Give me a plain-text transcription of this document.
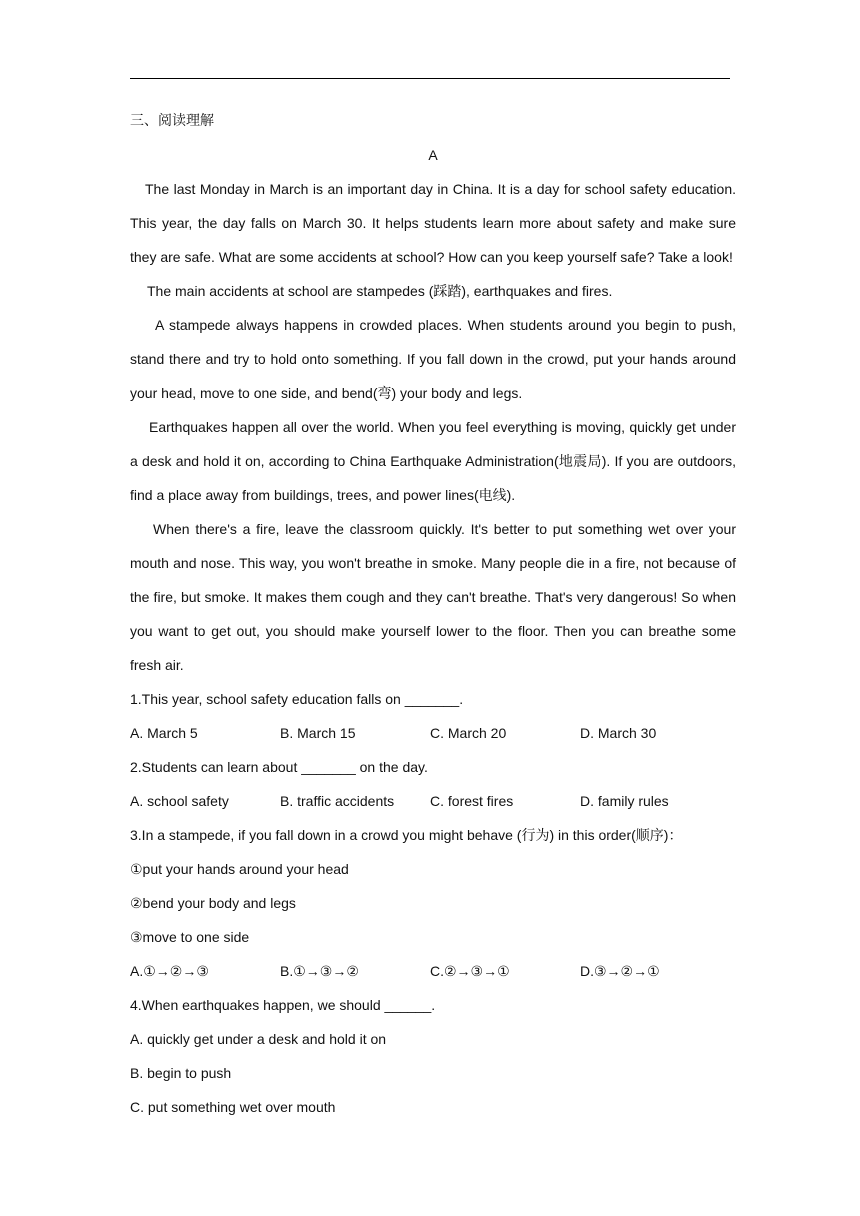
三、阅读理解
A
The last Monday in March is an important day in China. It is a day for school safety education.
This year, the day falls on March 30. It helps students learn more about safety and make sure
they are safe. What are some accidents at school? How can you keep yourself safe? Take a look!
The main accidents at school are stampedes (踩踏), earthquakes and fires.
A stampede always happens in crowded places. When students around you begin to push,
stand there and try to hold onto something. If you fall down in the crowd, put your hands around
your head, move to one side, and bend(弯) your body and legs.
Earthquakes happen all over the world. When you feel everything is moving, quickly get under
a desk and hold it on, according to China Earthquake Administration(地震局). If you are outdoors,
find a place away from buildings, trees, and power lines(电线).
When there's a fire, leave the classroom quickly. It's better to put something wet over your
mouth and nose. This way, you won't breathe in smoke. Many people die in a fire, not because of
the fire, but smoke. It makes them cough and they can't breathe. That's very dangerous! So when
you want to get out, you should make yourself lower to the floor. Then you can breathe some
fresh air.
1.This year, school safety education falls on _______.
A. March 5	B. March 15	C. March 20	D. March 30
2.Students can learn about _______ on the day.
A. school safety	B. traffic accidents	C. forest fires	D. family rules
3.In a stampede, if you fall down in a crowd you might behave (行为) in this order(顺序)：
①put your hands around your head
②bend your body and legs
③move to one side
A.①→②→③	B.①→③→②	C.②→③→①	D.③→②→①
4.When earthquakes happen, we should ______.
A. quickly get under a desk and hold it on
B. begin to push
C. put something wet over mouth
